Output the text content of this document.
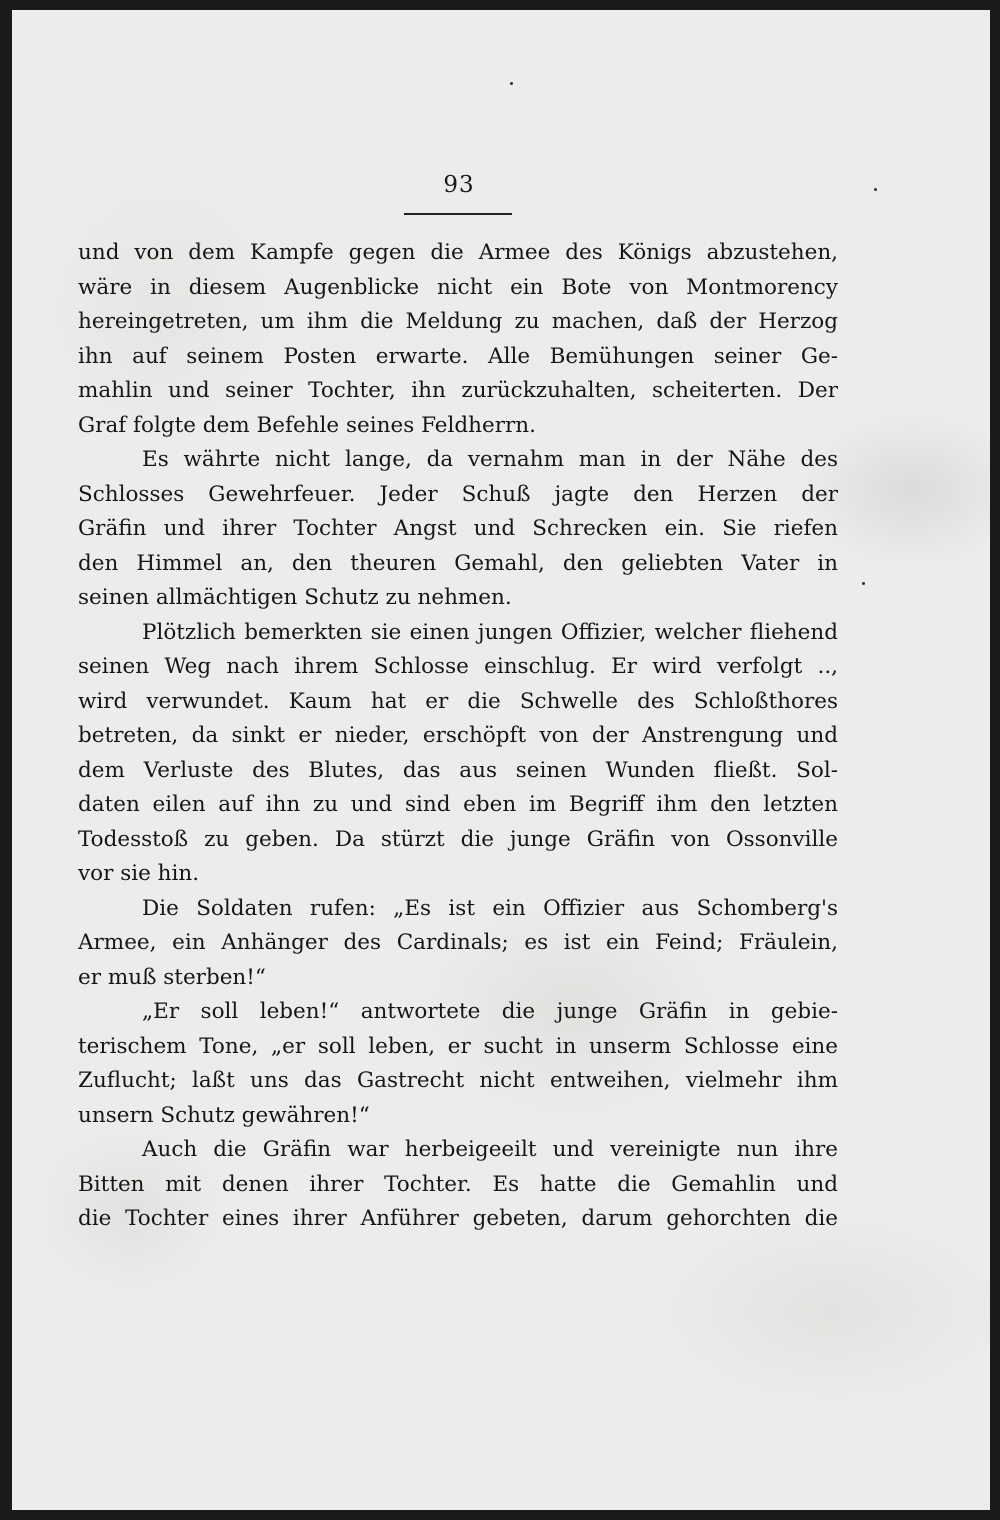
93
und von dem Kampfe gegen die Armee des Königs abzustehen,
wäre in diesem Augenblicke nicht ein Bote von Montmorency
hereingetreten, um ihm die Meldung zu machen, daß der Herzog
ihn auf seinem Posten erwarte. Alle Bemühungen seiner Ge-
mahlin und seiner Tochter, ihn zurückzuhalten, scheiterten. Der
Graf folgte dem Befehle seines Feldherrn.
Es währte nicht lange, da vernahm man in der Nähe des
Schlosses Gewehrfeuer. Jeder Schuß jagte den Herzen der
Gräfin und ihrer Tochter Angst und Schrecken ein. Sie riefen
den Himmel an, den theuren Gemahl, den geliebten Vater in
seinen allmächtigen Schutz zu nehmen.
Plötzlich bemerkten sie einen jungen Offizier, welcher fliehend
seinen Weg nach ihrem Schlosse einschlug. Er wird verfolgt ..,
wird verwundet. Kaum hat er die Schwelle des Schloßthores
betreten, da sinkt er nieder, erschöpft von der Anstrengung und
dem Verluste des Blutes, das aus seinen Wunden fließt. Sol-
daten eilen auf ihn zu und sind eben im Begriff ihm den letzten
Todesstoß zu geben. Da stürzt die junge Gräfin von Ossonville
vor sie hin.
Die Soldaten rufen: „Es ist ein Offizier aus Schomberg's
Armee, ein Anhänger des Cardinals; es ist ein Feind; Fräulein,
er muß sterben!“
„Er soll leben!“ antwortete die junge Gräfin in gebie-
terischem Tone, „er soll leben, er sucht in unserm Schlosse eine
Zuflucht; laßt uns das Gastrecht nicht entweihen, vielmehr ihm
unsern Schutz gewähren!“
Auch die Gräfin war herbeigeeilt und vereinigte nun ihre
Bitten mit denen ihrer Tochter. Es hatte die Gemahlin und
die Tochter eines ihrer Anführer gebeten, darum gehorchten die
